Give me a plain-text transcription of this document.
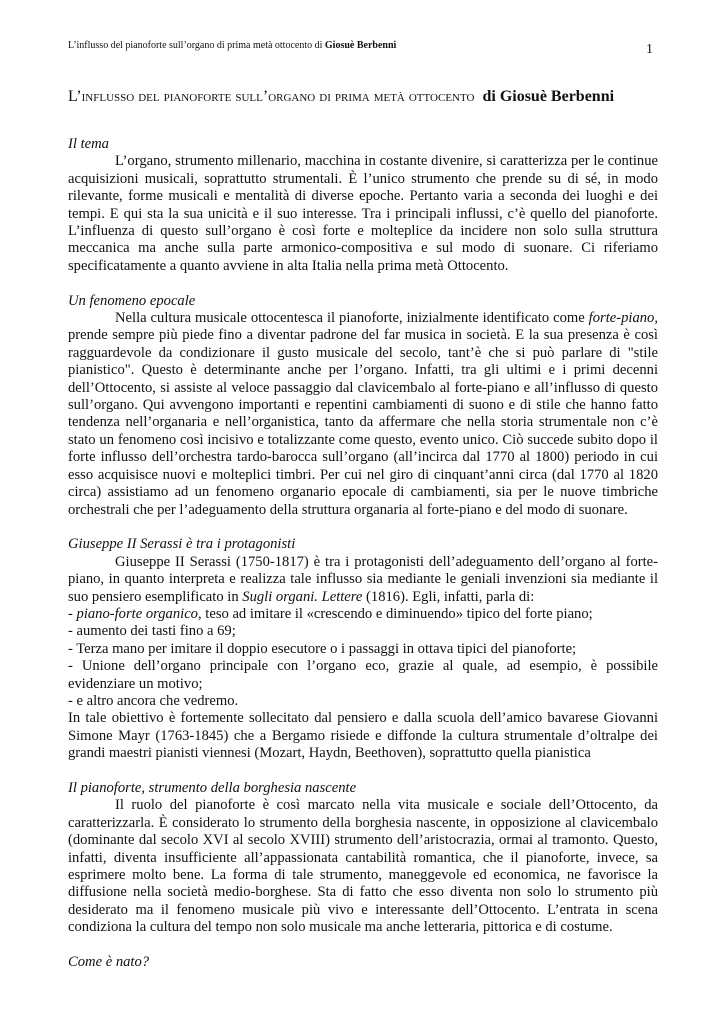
L’influsso del pianoforte sull’organo di prima metà ottocento di Giosuè Berbenni	1
L’influsso del pianoforte sull’organo di prima metà ottocento di Giosuè Berbenni
Il tema

L’organo, strumento millenario, macchina in costante divenire, si caratterizza per le continue acquisizioni musicali, soprattutto strumentali. È l’unico strumento che prende su di sé, in modo rilevante, forme musicali e mentalità di diverse epoche. Pertanto varia a seconda dei luoghi e dei tempi. E qui sta la sua unicità e il suo interesse. Tra i principali influssi, c’è quello del pianoforte. L’influenza di questo sull’organo è così forte e molteplice da incidere non solo sulla struttura meccanica ma anche sulla parte armonico-compositiva e sul modo di suonare. Ci riferiamo specificatamente a quanto avviene in alta Italia nella prima metà Ottocento.

Un fenomeno epocale

Nella cultura musicale ottocentesca il pianoforte, inizialmente identificato come forte-piano, prende sempre più piede fino a diventar padrone del far musica in società. E la sua presenza è così ragguardevole da condizionare il gusto musicale del secolo, tant’è che si può parlare di "stile pianistico". Questo è determinante anche per l’organo. Infatti, tra gli ultimi e i primi decenni dell’Ottocento, si assiste al veloce passaggio dal clavicembalo al forte-piano e all’influsso di questo sull’organo. Qui avvengono importanti e repentini cambiamenti di suono e di stile che hanno fatto tendenza nell’organaria e nell’organistica, tanto da affermare che nella storia strumentale non c’è stato un fenomeno così incisivo e totalizzante come questo, evento unico. Ciò succede subito dopo il forte influsso dell’orchestra tardo-barocca sull’organo (all’incirca dal 1770 al 1800) periodo in cui esso acquisisce nuovi e molteplici timbri. Per cui nel giro di cinquant’anni circa (dal 1770 al 1820 circa) assistiamo ad un fenomeno organario epocale di cambiamenti, sia per le nuove timbriche orchestrali che per l’adeguamento della struttura organaria al forte-piano e del modo di suonare.

Giuseppe II Serassi è tra i protagonisti

Giuseppe II Serassi (1750-1817) è tra i protagonisti dell’adeguamento dell’organo al forte-piano, in quanto interpreta e realizza tale influsso sia mediante le geniali invenzioni sia mediante il suo pensiero esemplificato in Sugli organi. Lettere (1816). Egli, infatti, parla di:

- piano-forte organico, teso ad imitare il «crescendo e diminuendo» tipico del forte piano;

- aumento dei tasti fino a 69;

- Terza mano per imitare il doppio esecutore o i passaggi in ottava tipici del pianoforte;

- Unione dell’organo principale con l’organo eco, grazie al quale, ad esempio, è possibile evidenziare un motivo;

- e altro ancora che vedremo.

In tale obiettivo è fortemente sollecitato dal pensiero e dalla scuola dell’amico bavarese Giovanni Simone Mayr (1763-1845) che a Bergamo risiede e diffonde la cultura strumentale d’oltralpe dei grandi maestri pianisti viennesi (Mozart, Haydn, Beethoven), soprattutto quella pianistica

Il pianoforte, strumento della borghesia nascente

Il ruolo del pianoforte è così marcato nella vita musicale e sociale dell’Ottocento, da caratterizzarla. È considerato lo strumento della borghesia nascente, in opposizione al clavicembalo (dominante dal secolo XVI al secolo XVIII) strumento dell’aristocrazia, ormai al tramonto. Questo, infatti, diventa insufficiente all’appassionata cantabilità romantica, che il pianoforte, invece, sa esprimere molto bene. La forma di tale strumento, maneggevole ed economica, ne favorisce la diffusione nella società medio-borghese. Sta di fatto che esso diventa non solo lo strumento più desiderato ma il fenomeno musicale più vivo e interessante dell’Ottocento. L’entrata in scena condiziona la cultura del tempo non solo musicale ma anche letteraria, pittorica e di costume.

Come è nato?
